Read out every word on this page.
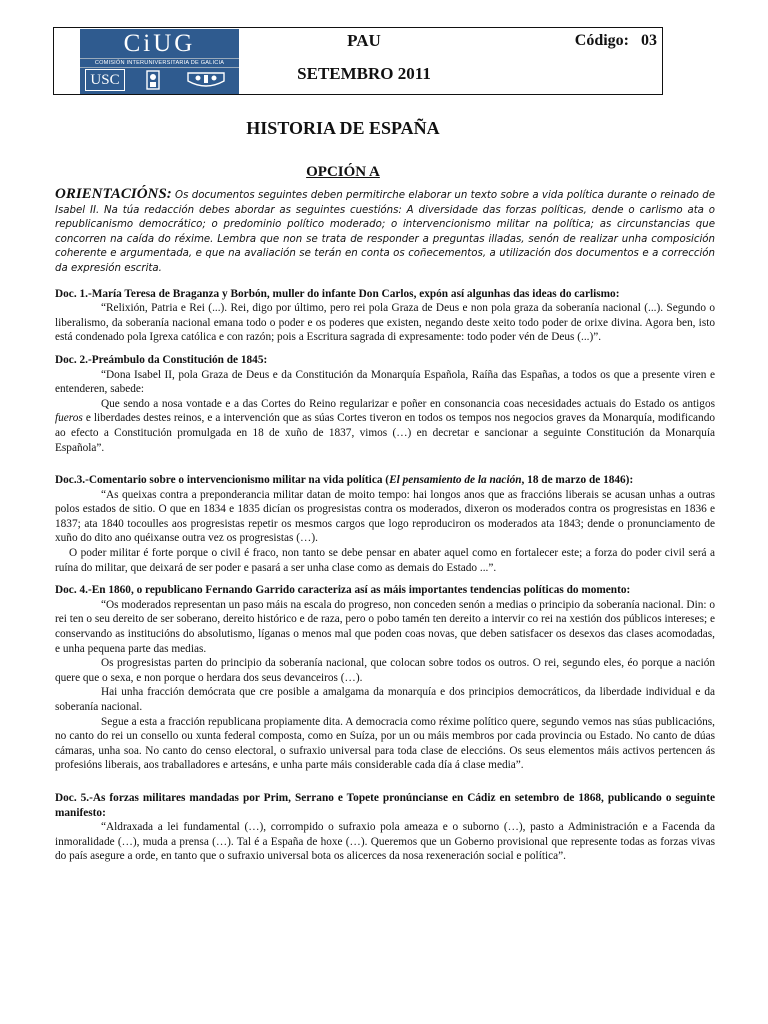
CiUG
COMISIÓN INTERUNIVERSITARIA DE GALICIA
USC
PAU
SETEMBRO 2011
Código: 03
HISTORIA DE ESPAÑA
OPCIÓN A

ORIENTACIÓNS: Os documentos seguintes deben permitirche elaborar un texto sobre a vida política durante o reinado de Isabel II. Na túa redacción debes abordar as seguintes cuestións: A diversidade das forzas políticas, dende o carlismo ata o republicanismo democrático; o predominio político moderado; o intervencionismo militar na política; as circunstancias que concorren na caída do réxime. Lembra que non se trata de responder a preguntas illadas, senón de realizar unha composición coherente e argumentada, e que na avaliación se terán en conta os coñecementos, a utilización dos documentos e a corrección da expresión escrita.

Doc. 1.-María Teresa de Braganza y Borbón, muller do infante Don Carlos, expón así algunhas das ideas do carlismo:

“Relixión, Patria e Rei (...). Rei, digo por último, pero rei pola Graza de Deus e non pola graza da soberanía nacional (...). Segundo o liberalismo, da soberanía nacional emana todo o poder e os poderes que existen, negando deste xeito todo poder de orixe divina. Agora ben, isto está condenado pola Igrexa católica e con razón; pois a Escritura sagrada di expresamente: todo poder vén de Deus (...)”.

Doc. 2.-Preámbulo da Constitución de 1845:

“Dona Isabel II, pola Graza de Deus e da Constitución da Monarquía Española, Raíña das Españas, a todos os que a presente viren e entenderen, sabede:

Que sendo a nosa vontade e a das Cortes do Reino regularizar e poñer en consonancia coas necesidades actuais do Estado os antigos fueros e liberdades destes reinos, e a intervención que as súas Cortes tiveron en todos os tempos nos negocios graves da Monarquía, modificando ao efecto a Constitución promulgada en 18 de xuño de 1837, vimos (…) en decretar e sancionar a seguinte Constitución da Monarquía Española”.

Doc.3.-Comentario sobre o intervencionismo militar na vida política (El pensamiento de la nación, 18 de marzo de 1846):

“As queixas contra a preponderancia militar datan de moito tempo: hai longos anos que as fraccións liberais se acusan unhas a outras polos estados de sitio. O que en 1834 e 1835 dicían os progresistas contra os moderados, dixeron os moderados contra os progresistas en 1836 e 1837; ata 1840 tocoulles aos progresistas repetir os mesmos cargos que logo reproduciron os moderados ata 1843; dende o pronunciamento de xuño do dito ano quéixanse outra vez os progresistas (…).

O poder militar é forte porque o civil é fraco, non tanto se debe pensar en abater aquel como en fortalecer este; a forza do poder civil será a ruína do militar, que deixará de ser poder e pasará a ser unha clase como as demais do Estado ...”.

Doc. 4.-En 1860, o republicano Fernando Garrido caracteriza así as máis importantes tendencias políticas do momento:

“Os moderados representan un paso máis na escala do progreso, non conceden senón a medias o principio da soberanía nacional. Din: o rei ten o seu dereito de ser soberano, dereito histórico e de raza, pero o pobo tamén ten dereito a intervir co rei na xestión dos públicos intereses; e conservando as institucións do absolutismo, líganas o menos mal que poden coas novas, que deben satisfacer os desexos das clases acomodadas, e unha pequena parte das medias.

Os progresistas parten do principio da soberanía nacional, que colocan sobre todos os outros. O rei, segundo eles, éo porque a nación quere que o sexa, e non porque o herdara dos seus devanceiros (…).

Hai unha fracción demócrata que cre posible a amalgama da monarquía e dos principios democráticos, da liberdade individual e da soberanía nacional.

Segue a esta a fracción republicana propiamente dita. A democracia como réxime político quere, segundo vemos nas súas publicacións, no canto do rei un consello ou xunta federal composta, como en Suíza, por un ou máis membros por cada provincia ou Estado. No canto de dúas cámaras, unha soa. No canto do censo electoral, o sufraxio universal para toda clase de eleccións. Os seus elementos máis activos pertencen ás profesións liberais, aos traballadores e artesáns, e unha parte máis considerable cada día á clase media”.

Doc. 5.-As forzas militares mandadas por Prim, Serrano e Topete pronúncianse en Cádiz en setembro de 1868, publicando o seguinte manifesto:

“Aldraxada a lei fundamental (…), corrompido o sufraxio pola ameaza e o suborno (…), pasto a Administración e a Facenda da inmoralidade (…), muda a prensa (…). Tal é a España de hoxe (…). Queremos que un Goberno provisional que represente todas as forzas vivas do país asegure a orde, en tanto que o sufraxio universal bota os alicerces da nosa rexeneración social e política”.
